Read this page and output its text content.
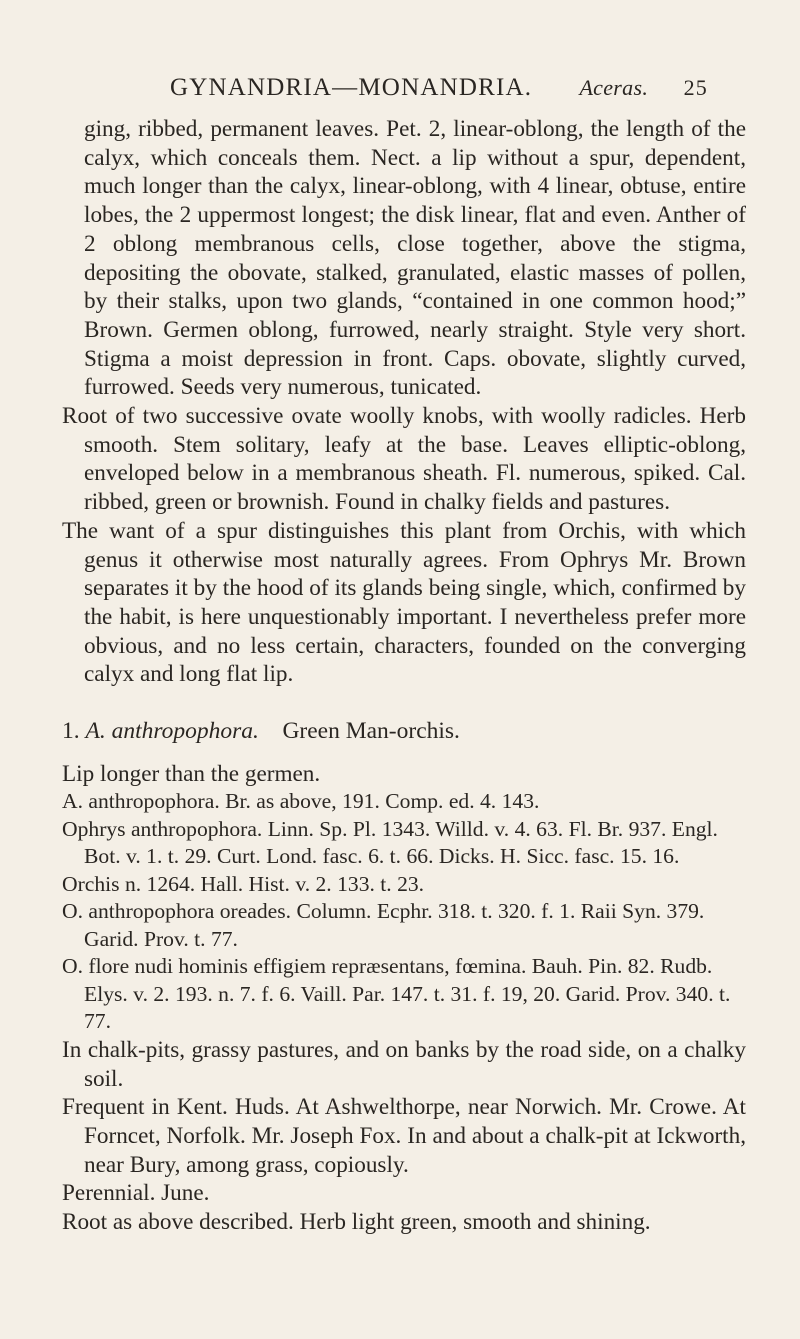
GYNANDRIA—MONANDRIA.	Aceras. 25

ging, ribbed, permanent leaves. Pet. 2, linear-oblong, the length of the calyx, which conceals them. Nect. a lip without a spur, dependent, much longer than the calyx, linear-oblong, with 4 linear, obtuse, entire lobes, the 2 uppermost longest; the disk linear, flat and even. Anther of 2 oblong membranous cells, close together, above the stigma, depositing the obovate, stalked, granulated, elastic masses of pollen, by their stalks, upon two glands, “contained in one common hood;” Brown. Germen oblong, furrowed, nearly straight. Style very short. Stigma a moist depression in front. Caps. obovate, slightly curved, furrowed. Seeds very numerous, tunicated.

Root of two successive ovate woolly knobs, with woolly radicles. Herb smooth. Stem solitary, leafy at the base. Leaves elliptic-oblong, enveloped below in a membranous sheath. Fl. numerous, spiked. Cal. ribbed, green or brownish. Found in chalky fields and pastures.

The want of a spur distinguishes this plant from Orchis, with which genus it otherwise most naturally agrees. From Ophrys Mr. Brown separates it by the hood of its glands being single, which, confirmed by the habit, is here unquestionably important. I nevertheless prefer more obvious, and no less certain, characters, founded on the converging calyx and long flat lip.

1. A. anthropophora. Green Man-orchis.

Lip longer than the germen.

A. anthropophora. Br. as above, 191. Comp. ed. 4. 143.

Ophrys anthropophora. Linn. Sp. Pl. 1343. Willd. v. 4. 63. Fl. Br. 937. Engl. Bot. v. 1. t. 29. Curt. Lond. fasc. 6. t. 66. Dicks. H. Sicc. fasc. 15. 16.

Orchis n. 1264. Hall. Hist. v. 2. 133. t. 23.

O. anthropophora oreades. Column. Ecphr. 318. t. 320. f. 1. Raii Syn. 379. Garid. Prov. t. 77.

O. flore nudi hominis effigiem repræsentans, fœmina. Bauh. Pin. 82. Rudb. Elys. v. 2. 193. n. 7. f. 6. Vaill. Par. 147. t. 31. f. 19, 20. Garid. Prov. 340. t. 77.

In chalk-pits, grassy pastures, and on banks by the road side, on a chalky soil.

Frequent in Kent. Huds. At Ashwelthorpe, near Norwich. Mr. Crowe. At Forncet, Norfolk. Mr. Joseph Fox. In and about a chalk-pit at Ickworth, near Bury, among grass, copiously.

Perennial. June.

Root as above described. Herb light green, smooth and shining.
